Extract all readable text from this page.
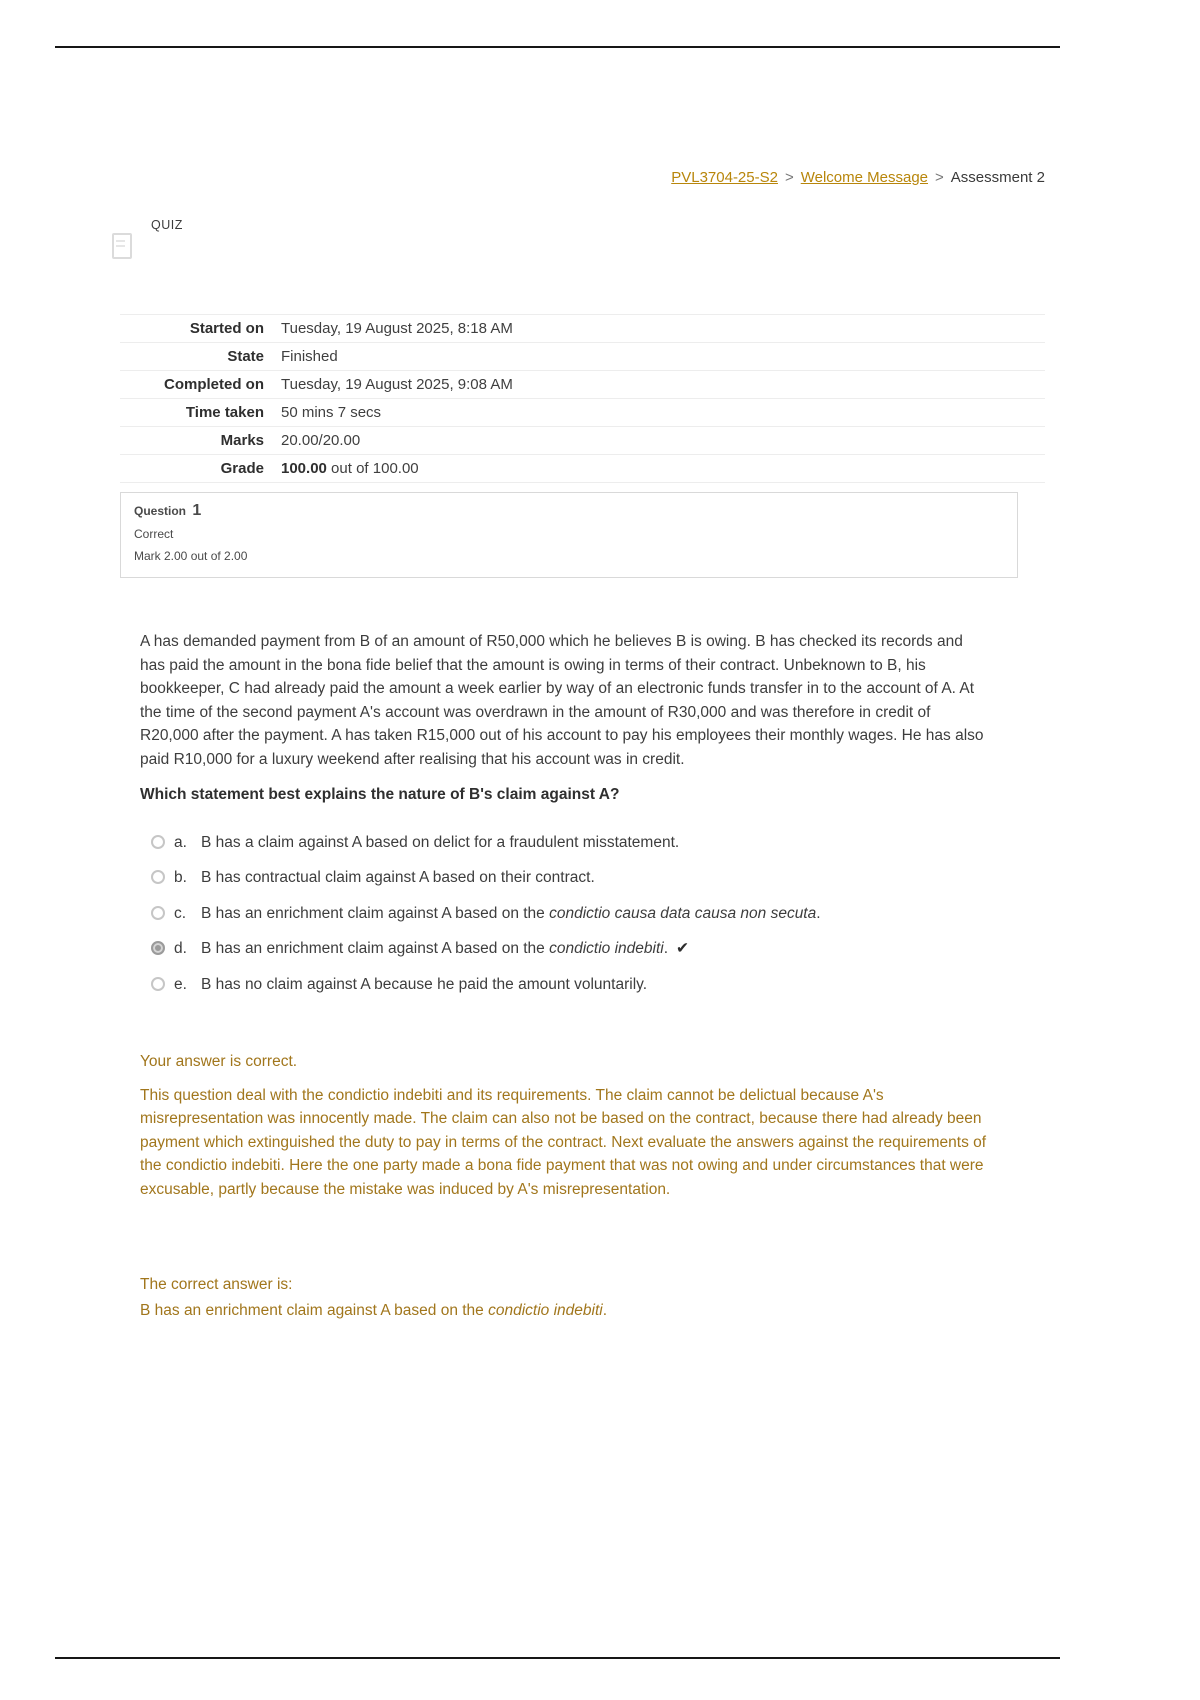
PVL3704-25-S2 > Welcome Message > Assessment 2
QUIZ
Started on	Tuesday, 19 August 2025, 8:18 AM
State	Finished
Completed on	Tuesday, 19 August 2025, 9:08 AM
Time taken	50 mins 7 secs
Marks	20.00/20.00
Grade	100.00 out of 100.00
Question 1
Correct
Mark 2.00 out of 2.00

A has demanded payment from B of an amount of R50,000 which he believes B is owing. B has checked its records and has paid the amount in the bona fide belief that the amount is owing in terms of their contract. Unbeknown to B, his bookkeeper, C had already paid the amount a week earlier by way of an electronic funds transfer in to the account of A. At the time of the second payment A's account was overdrawn in the amount of R30,000 and was therefore in credit of R20,000 after the payment. A has taken R15,000 out of his account to pay his employees their monthly wages. He has also paid R10,000 for a luxury weekend after realising that his account was in credit.

Which statement best explains the nature of B's claim against A?

a. B has a claim against A based on delict for a fraudulent misstatement.
b. B has contractual claim against A based on their contract.
c. B has an enrichment claim against A based on the condictio causa data causa non secuta.
d. B has an enrichment claim against A based on the condictio indebiti. ✔
e. B has no claim against A because he paid the amount voluntarily.

Your answer is correct.

This question deal with the condictio indebiti and its requirements. The claim cannot be delictual because A's misrepresentation was innocently made. The claim can also not be based on the contract, because there had already been payment which extinguished the duty to pay in terms of the contract. Next evaluate the answers against the requirements of the condictio indebiti. Here the one party made a bona fide payment that was not owing and under circumstances that were excusable, partly because the mistake was induced by A's misrepresentation.

The correct answer is:

B has an enrichment claim against A based on the condictio indebiti.
